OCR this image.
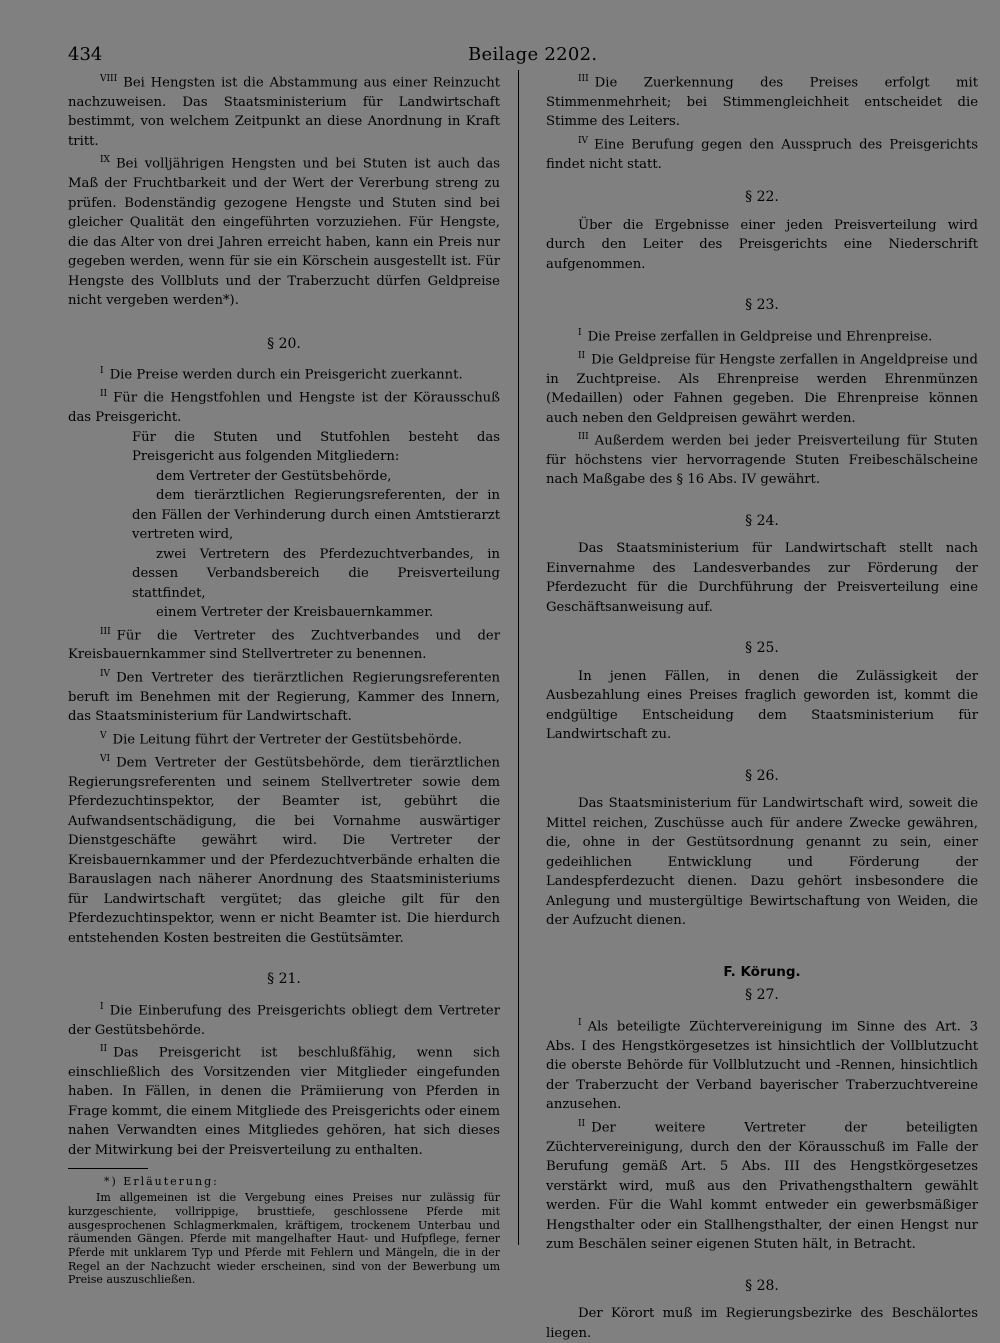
434	Beilage 2202.

$^{VIII}$ Bei Hengsten ist die Abstammung aus einer Reinzucht nachzuweisen. Das Staatsministerium für Landwirtschaft bestimmt, von welchem Zeitpunkt an diese Anordnung in Kraft tritt.

$^{IX}$ Bei volljährigen Hengsten und bei Stuten ist auch das Maß der Fruchtbarkeit und der Wert der Vererbung streng zu prüfen. Bodenständig gezogene Hengste und Stuten sind bei gleicher Qualität den eingeführten vorzuziehen. Für Hengste, die das Alter von drei Jahren erreicht haben, kann ein Preis nur gegeben werden, wenn für sie ein Körschein ausgestellt ist. Für Hengste des Vollbluts und der Traberzucht dürfen Geldpreise nicht vergeben werden*).

§ 20.

$^I$ Die Preise werden durch ein Preisgericht zuerkannt.

$^{II}$ Für die Hengstfohlen und Hengste ist der Körausschuß das Preisgericht.

Für die Stuten und Stutfohlen besteht das Preisgericht aus folgenden Mitgliedern:

dem Vertreter der Gestütsbehörde,

dem tierärztlichen Regierungsreferenten, der in den Fällen der Verhinderung durch einen Amtstierarzt vertreten wird,

zwei Vertretern des Pferdezuchtverbandes, in dessen Verbandsbereich die Preisverteilung stattfindet,

einem Vertreter der Kreisbauernkammer.

$^{III}$ Für die Vertreter des Zuchtverbandes und der Kreisbauernkammer sind Stellvertreter zu benennen.

$^{IV}$ Den Vertreter des tierärztlichen Regierungsreferenten beruft im Benehmen mit der Regierung, Kammer des Innern, das Staatsministerium für Landwirtschaft.

$^V$ Die Leitung führt der Vertreter der Gestütsbehörde.

$^{VI}$ Dem Vertreter der Gestütsbehörde, dem tierärztlichen Regierungsreferenten und seinem Stellvertreter sowie dem Pferdezuchtinspektor, der Beamter ist, gebührt die Aufwandsentschädigung, die bei Vornahme auswärtiger Dienstgeschäfte gewährt wird. Die Vertreter der Kreisbauernkammer und der Pferdezuchtverbände erhalten die Barauslagen nach näherer Anordnung des Staatsministeriums für Landwirtschaft vergütet; das gleiche gilt für den Pferdezuchtinspektor, wenn er nicht Beamter ist. Die hierdurch entstehenden Kosten bestreiten die Gestütsämter.

§ 21.

$^I$ Die Einberufung des Preisgerichts obliegt dem Vertreter der Gestütsbehörde.

$^{II}$ Das Preisgericht ist beschlußfähig, wenn sich einschließlich des Vorsitzenden vier Mitglieder eingefunden haben. In Fällen, in denen die Prämiierung von Pferden in Frage kommt, die einem Mitgliede des Preisgerichts oder einem nahen Verwandten eines Mitgliedes gehören, hat sich dieses der Mitwirkung bei der Preisverteilung zu enthalten.

*) Erläuterung:

Im allgemeinen ist die Vergebung eines Preises nur zulässig für kurzgeschiente, vollrippige, brusttiefe, geschlossene Pferde mit ausgesprochenen Schlagmerkmalen, kräftigem, trockenem Unterbau und räumenden Gängen. Pferde mit mangelhafter Haut- und Hufpflege, ferner Pferde mit unklarem Typ und Pferde mit Fehlern und Mängeln, die in der Regel an der Nachzucht wieder erscheinen, sind von der Bewerbung um Preise auszuschließen.

$^{III}$ Die Zuerkennung des Preises erfolgt mit Stimmenmehrheit; bei Stimmengleichheit entscheidet die Stimme des Leiters.

$^{IV}$ Eine Berufung gegen den Ausspruch des Preisgerichts findet nicht statt.

§ 22.

Über die Ergebnisse einer jeden Preisverteilung wird durch den Leiter des Preisgerichts eine Niederschrift aufgenommen.

§ 23.

$^I$ Die Preise zerfallen in Geldpreise und Ehrenpreise.

$^{II}$ Die Geldpreise für Hengste zerfallen in Angeldpreise und in Zuchtpreise. Als Ehrenpreise werden Ehrenmünzen (Medaillen) oder Fahnen gegeben. Die Ehrenpreise können auch neben den Geldpreisen gewährt werden.

$^{III}$ Außerdem werden bei jeder Preisverteilung für Stuten für höchstens vier hervorragende Stuten Freibeschälscheine nach Maßgabe des § 16 Abs. IV gewährt.

§ 24.

Das Staatsministerium für Landwirtschaft stellt nach Einvernahme des Landesverbandes zur Förderung der Pferdezucht für die Durchführung der Preisverteilung eine Geschäftsanweisung auf.

§ 25.

In jenen Fällen, in denen die Zulässigkeit der Ausbezahlung eines Preises fraglich geworden ist, kommt die endgültige Entscheidung dem Staatsministerium für Landwirtschaft zu.

§ 26.

Das Staatsministerium für Landwirtschaft wird, soweit die Mittel reichen, Zuschüsse auch für andere Zwecke gewähren, die, ohne in der Gestütsordnung genannt zu sein, einer gedeihlichen Entwicklung und Förderung der Landespferdezucht dienen. Dazu gehört insbesondere die Anlegung und mustergültige Bewirtschaftung von Weiden, die der Aufzucht dienen.

F. Körung.
§ 27.

$^I$ Als beteiligte Züchtervereinigung im Sinne des Art. 3 Abs. I des Hengstkörgesetzes ist hinsichtlich der Vollblutzucht die oberste Behörde für Vollblutzucht und -Rennen, hinsichtlich der Traberzucht der Verband bayerischer Traberzuchtvereine anzusehen.

$^{II}$ Der weitere Vertreter der beteiligten Züchtervereinigung, durch den der Körausschuß im Falle der Berufung gemäß Art. 5 Abs. III des Hengstkörgesetzes verstärkt wird, muß aus den Privathengsthaltern gewählt werden. Für die Wahl kommt entweder ein gewerbsmäßiger Hengsthalter oder ein Stallhengsthalter, der einen Hengst nur zum Beschälen seiner eigenen Stuten hält, in Betracht.

§ 28.

Der Körort muß im Regierungsbezirke des Beschälortes liegen.
